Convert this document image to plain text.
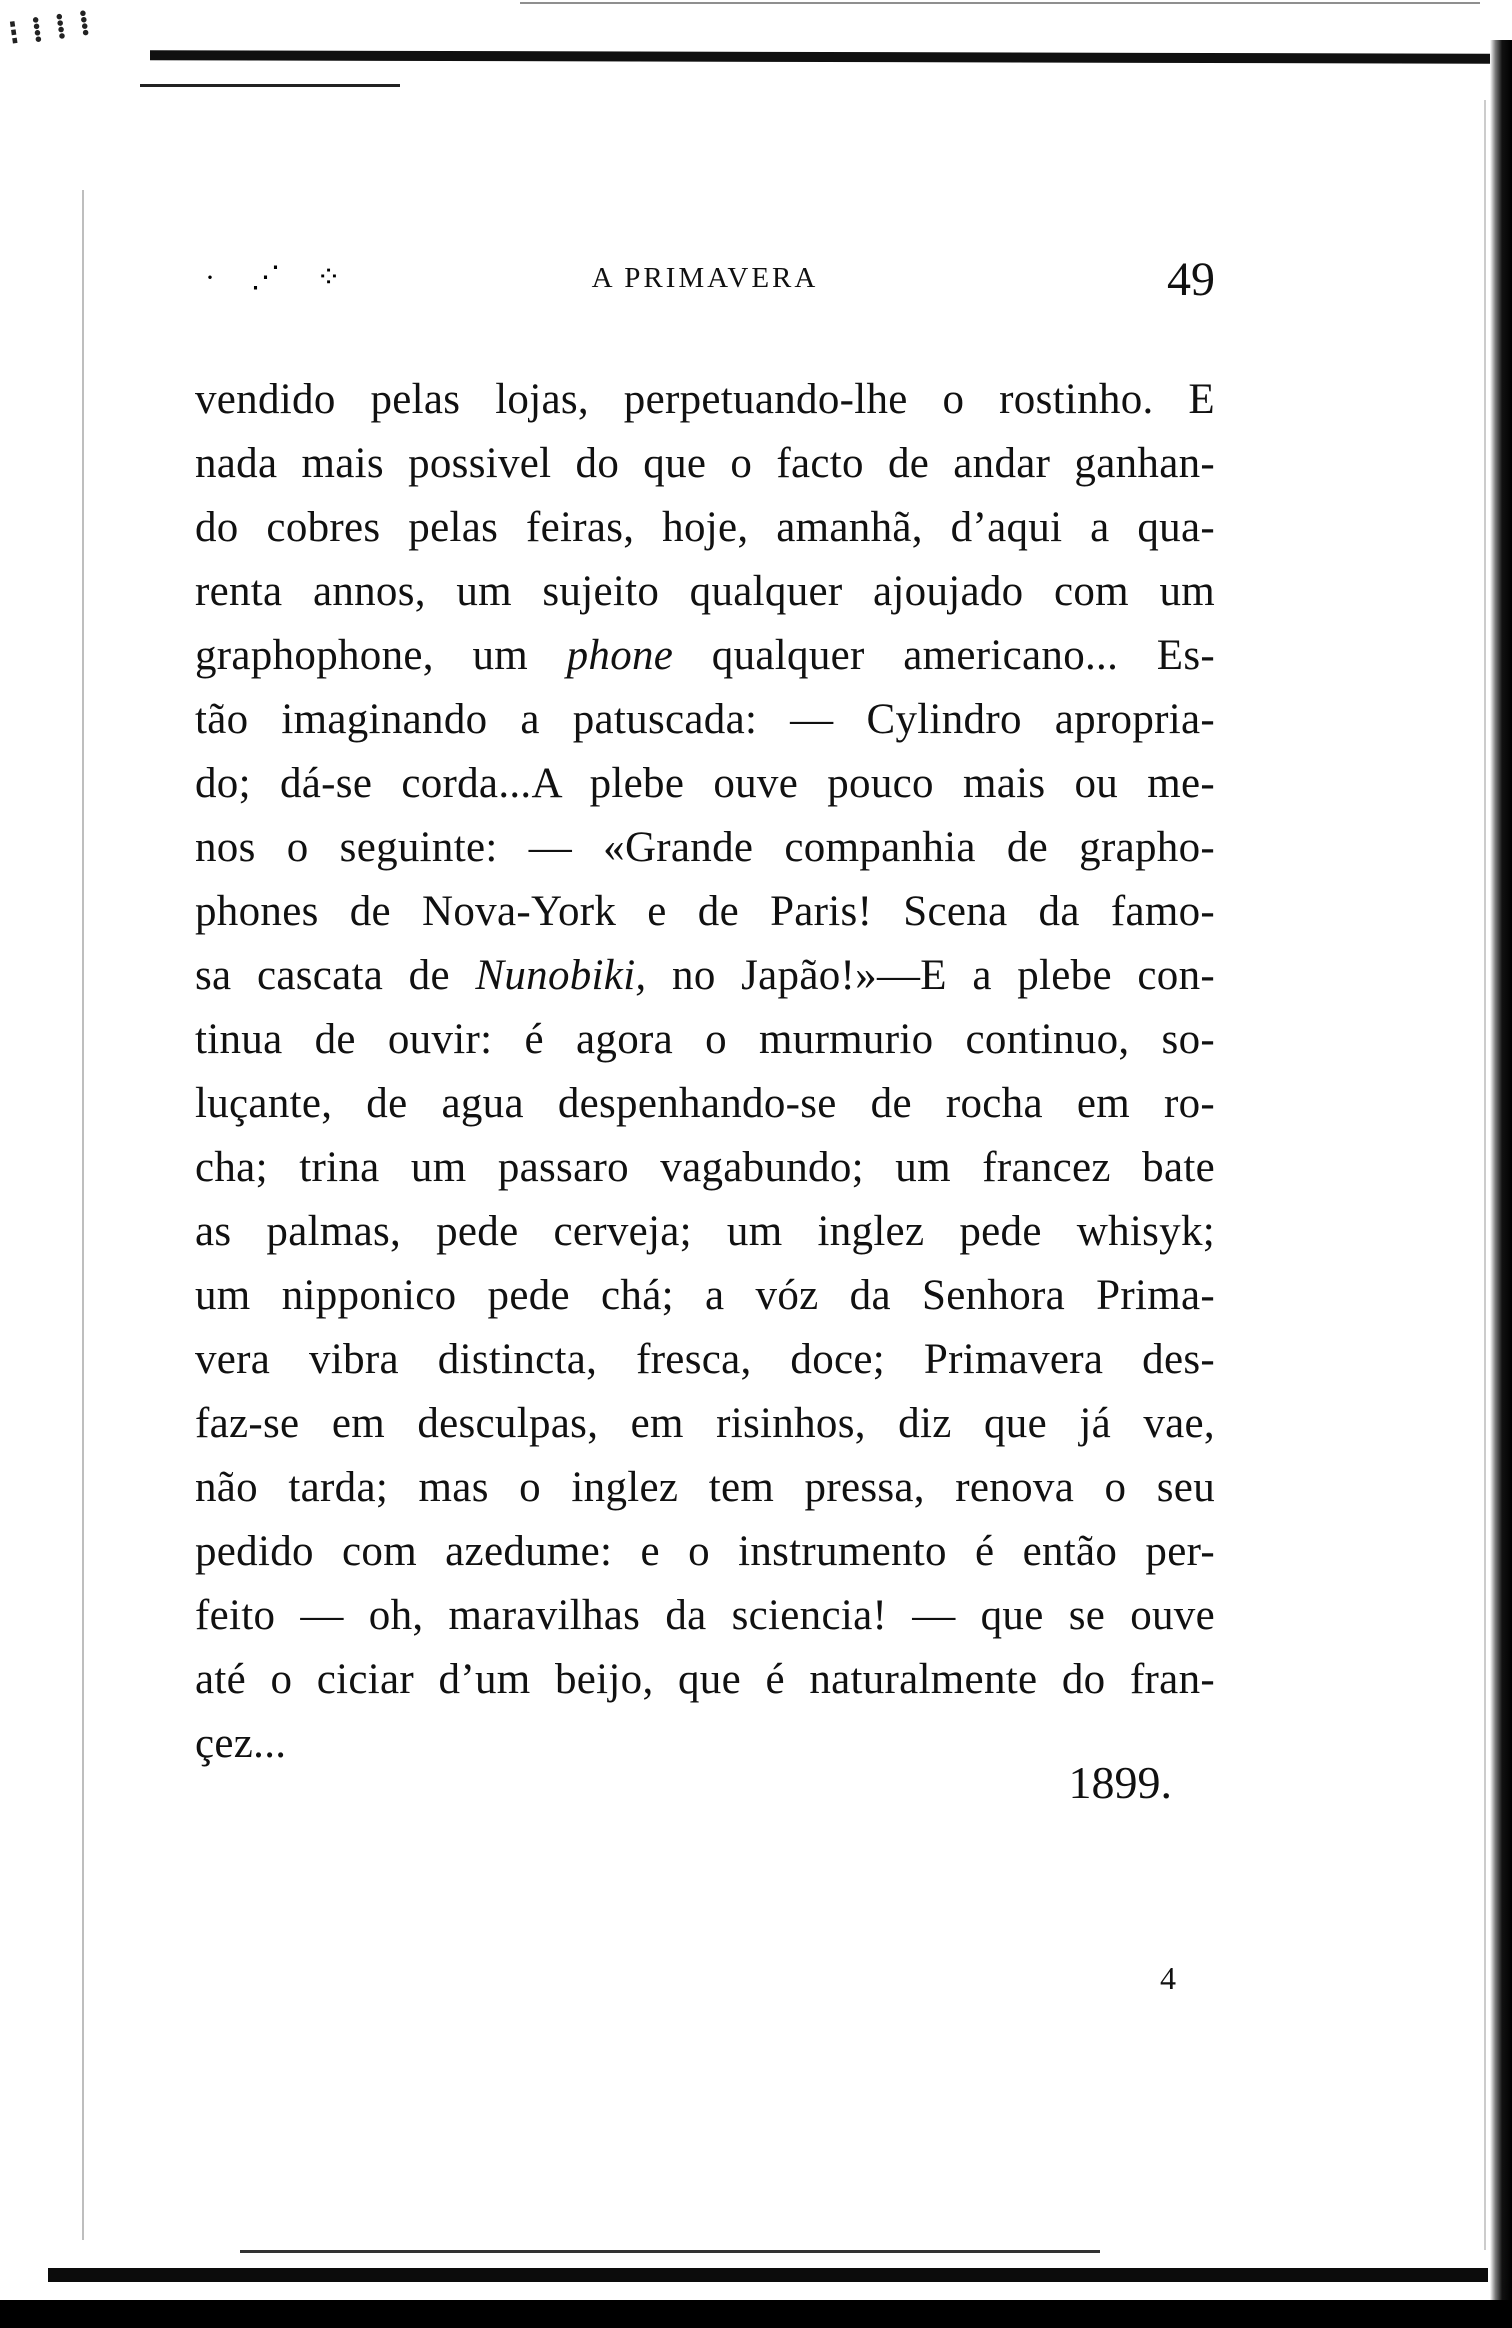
⁝ ⁞ ⁞ ⁞
· ⋰ ⁘	A PRIMAVERA	49
vendido pelas lojas, perpetuando-lhe o rostinho. E
nada mais possivel do que o facto de andar ganhan-
do cobres pelas feiras, hoje, amanhã, d’aqui a qua-
renta annos, um sujeito qualquer ajoujado com um
graphophone, um phone qualquer americano... Es-
tão imaginando a patuscada: — Cylindro apropria-
do; dá-se corda...A plebe ouve pouco mais ou me-
nos o seguinte: — «Grande companhia de grapho-
phones de Nova-York e de Paris! Scena da famo-
sa cascata de Nunobiki, no Japão!»—E a plebe con-
tinua de ouvir: é agora o murmurio continuo, so-
luçante, de agua despenhando-se de rocha em ro-
cha; trina um passaro vagabundo; um francez bate
as palmas, pede cerveja; um inglez pede whisyk;
um nipponico pede chá; a vóz da Senhora Prima-
vera vibra distincta, fresca, doce; Primavera des-
faz-se em desculpas, em risinhos, diz que já vae,
não tarda; mas o inglez tem pressa, renova o seu
pedido com azedume: e o instrumento é então per-
feito — oh, maravilhas da sciencia! — que se ouve
até o ciciar d’um beijo, que é naturalmente do fran-
çez...
1899.
4
